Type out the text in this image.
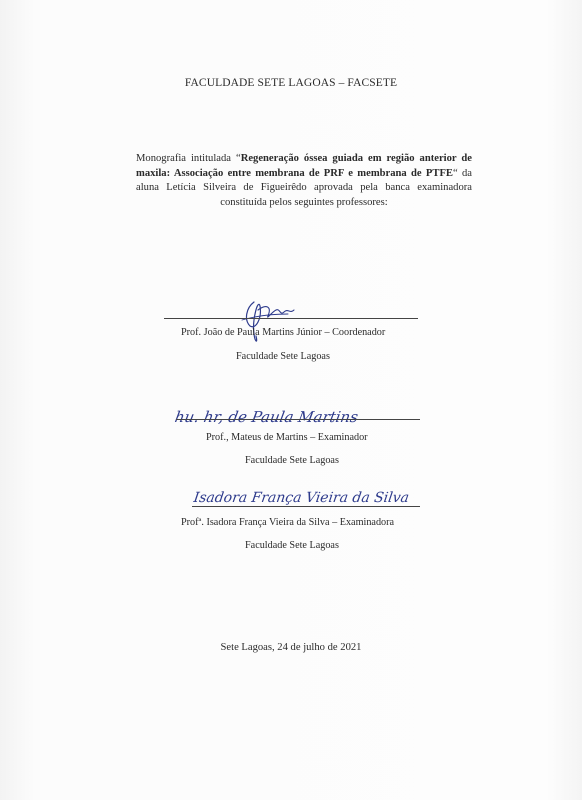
FACULDADE SETE LAGOAS – FACSETE
Monografia intitulada “Regeneração óssea guiada em região anterior de maxila: Associação entre membrana de PRF e membrana de PTFE“ da aluna Letícia Silveira de Figueirêdo aprovada pela banca examinadora constituída pelos seguintes professores:
Prof. João de Paula Martins Júnior – Coordenador
Faculdade Sete Lagoas
hu. hr, de Paula Martins
Prof., Mateus de Martins – Examinador
Faculdade Sete Lagoas
Isadora França Vieira da Silva
Profª. Isadora França Vieira da Silva – Examinadora
Faculdade Sete Lagoas
Sete Lagoas, 24 de julho de 2021
